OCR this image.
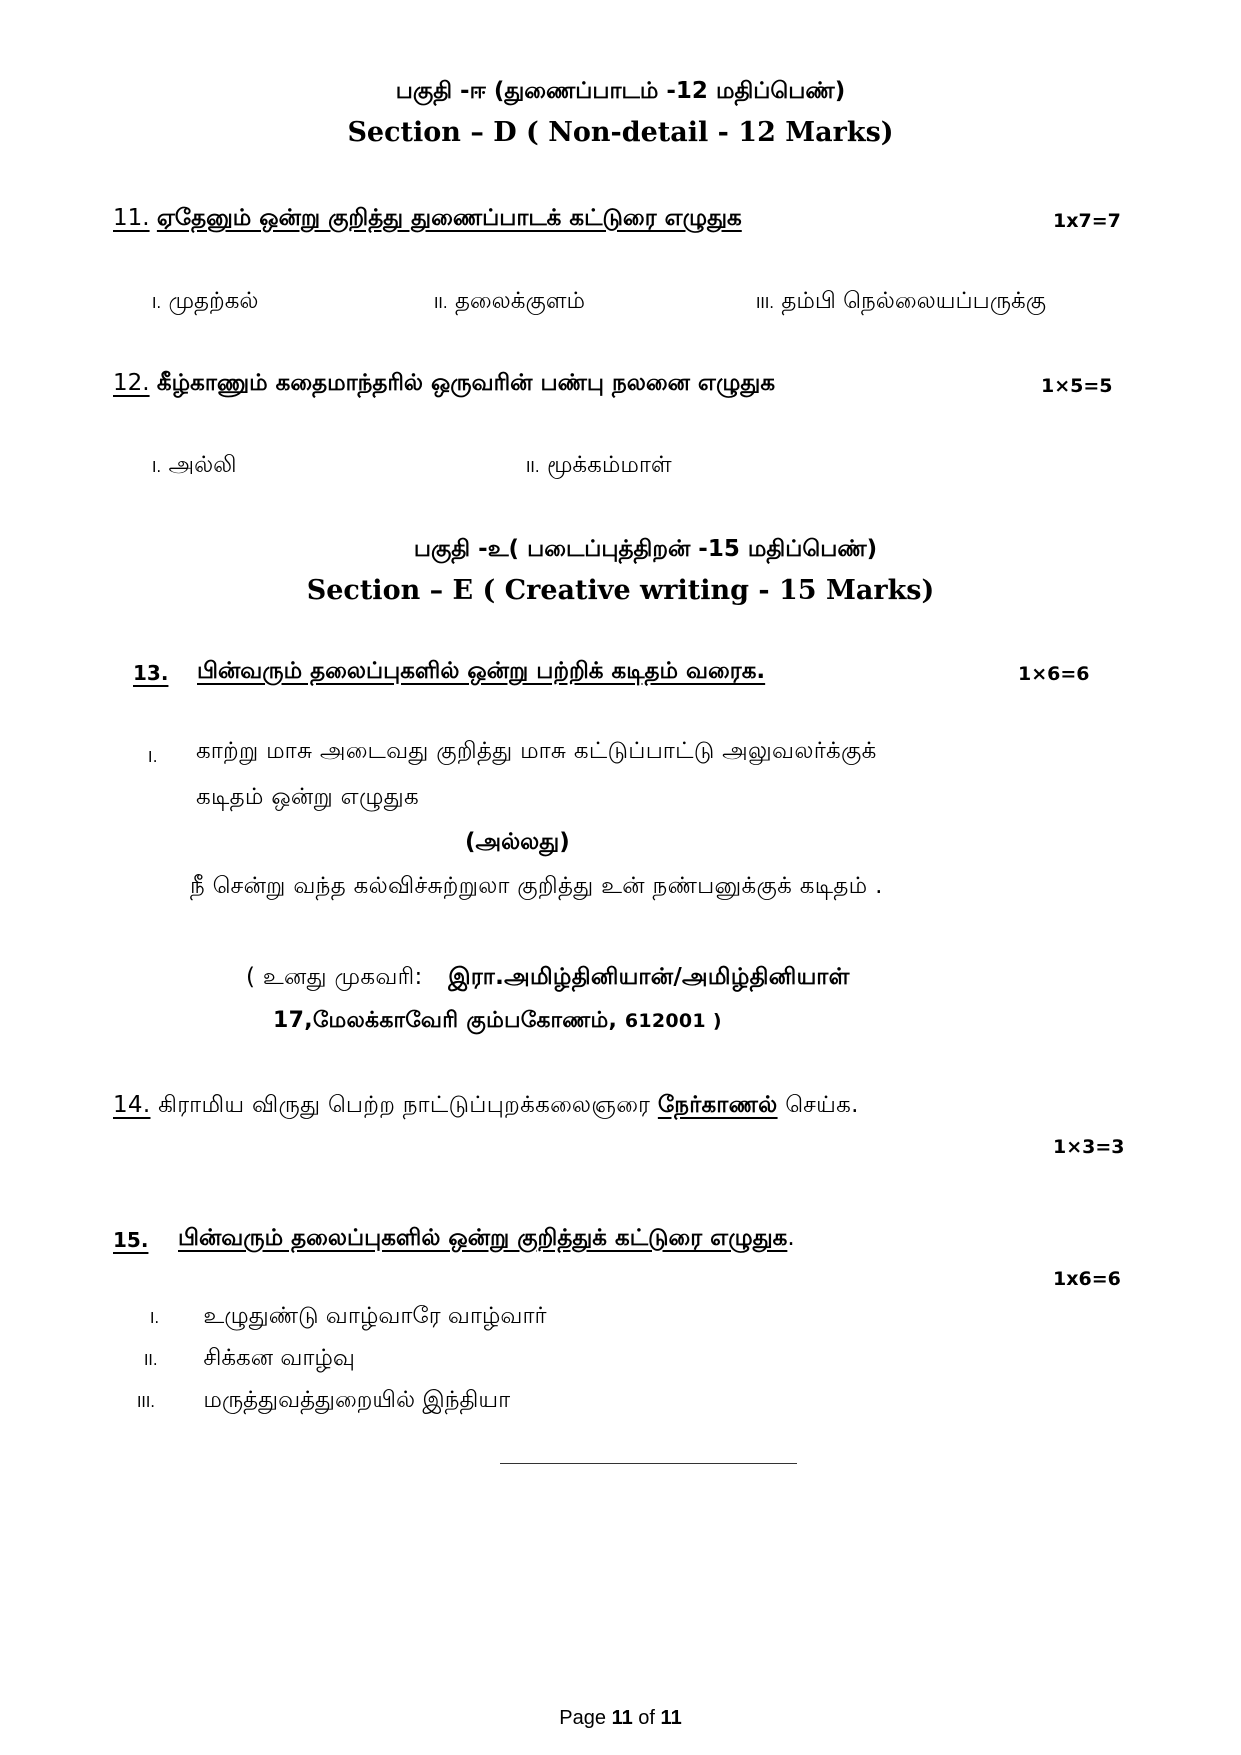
பகுதி -ஈ (துணைப்பாடம் -12 மதிப்பெண்)
Section – D ( Non-detail - 12 Marks)
11. ஏதேனும் ஒன்று குறித்து துணைப்பாடக் கட்டுரை எழுதுக	1x7=7
I. முதற்கல்	II. தலைக்குளம்	III. தம்பி நெல்லையப்பருக்கு
12. கீழ்காணும் கதைமாந்தரில் ஒருவரின் பண்பு நலனை எழுதுக	1×5=5
I. அல்லி	II. மூக்கம்மாள்
பகுதி -உ( படைப்புத்திறன் -15 மதிப்பெண்)
Section – E ( Creative writing - 15 Marks)
13. பின்வரும் தலைப்புகளில் ஒன்று பற்றிக் கடிதம் வரைக.	1×6=6
I. காற்று மாசு அடைவது குறித்து மாசு கட்டுப்பாட்டு அலுவலர்க்குக்
கடிதம் ஒன்று எழுதுக
(அல்லது)
நீ சென்று வந்த கல்விச்சுற்றுலா குறித்து உன் நண்பனுக்குக் கடிதம் .
( உனது முகவரி: இரா.அமிழ்தினியான்/அமிழ்தினியாள்
17,மேலக்காவேரி கும்பகோணம், 612001 )
14. கிராமிய விருது பெற்ற நாட்டுப்புறக்கலைஞரை நேர்காணல் செய்க.
1×3=3
15. பின்வரும் தலைப்புகளில் ஒன்று குறித்துக் கட்டுரை எழுதுக.
1x6=6
I. உழுதுண்டு வாழ்வாரே வாழ்வார்
II. சிக்கன வாழ்வு
III. மருத்துவத்துறையில் இந்தியா
Page 11 of 11
